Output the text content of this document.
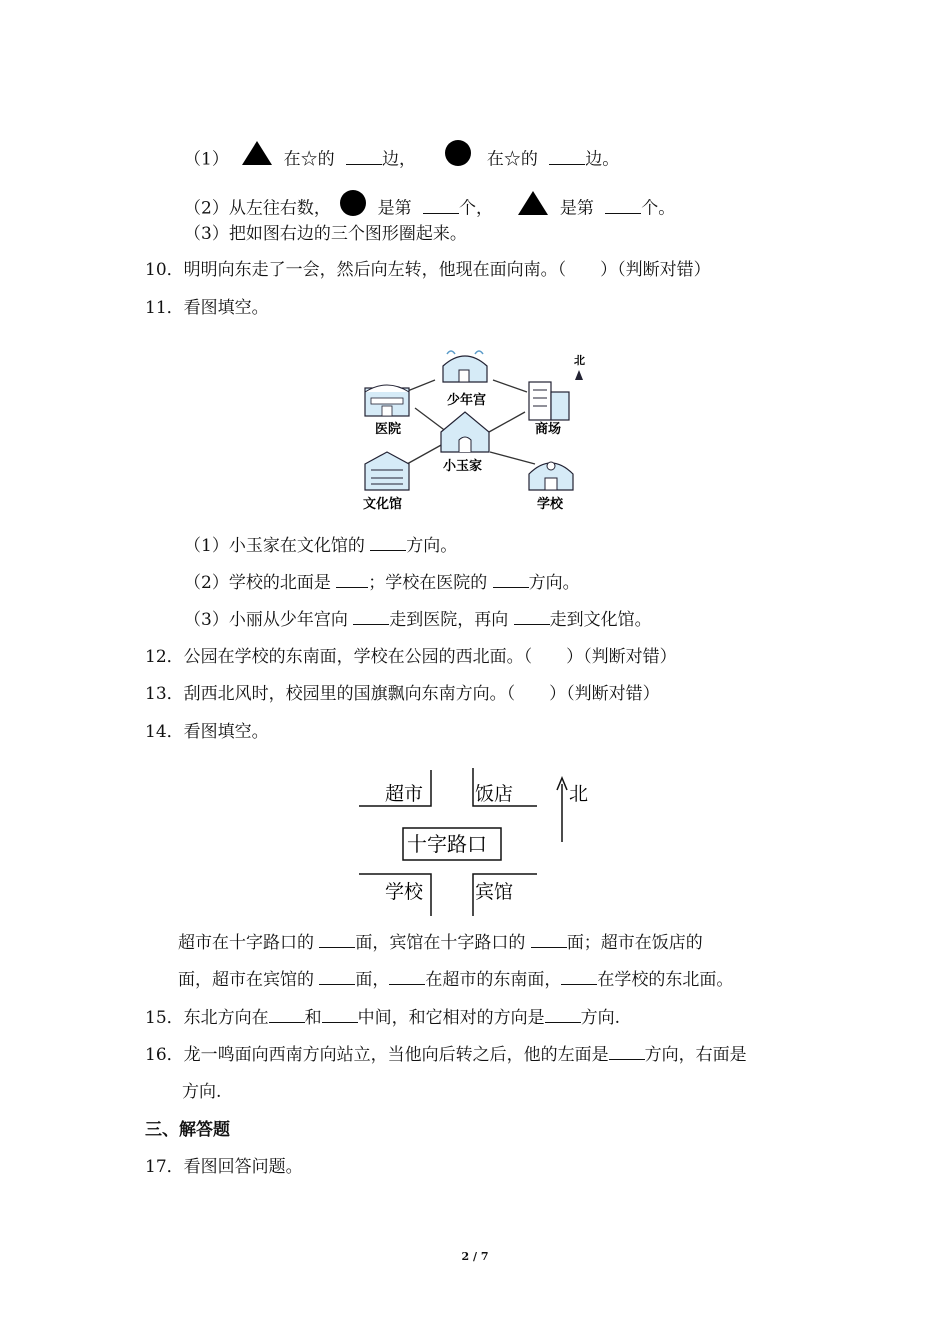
（1）	在☆的	边，	在☆的	边。
（2）从左往右数，	是第	个，	是第	个。
（3）把如图右边的三个图形圈起来。
10．明明向东走了一会，然后向左转，他现在面向南。（　　）（判断对错）
11．看图填空。
少年宫
北
医院	商场
小玉家
文化馆	学校
（1）小玉家在文化馆的 方向。
（2）学校的北面是 ；学校在医院的 方向。
（3）小丽从少年宫向 走到医院，再向 走到文化馆。
12．公园在学校的东南面，学校在公园的西北面。（　　）（判断对错）
13．刮西北风时，校园里的国旗飘向东南方向。（　　）（判断对错）
14．看图填空。
超市	饭店	北
十字路口
学校	宾馆
超市在十字路口的 面，宾馆在十字路口的 面；超市在饭店的
面，超市在宾馆的 面， 在超市的东南面， 在学校的东北面。
15．东北方向在 和 中间，和它相对的方向是 方向.
16．龙一鸣面向西南方向站立，当他向后转之后，他的左面是 方向，右面是
方向.
三、解答题
17．看图回答问题。
2 / 7
